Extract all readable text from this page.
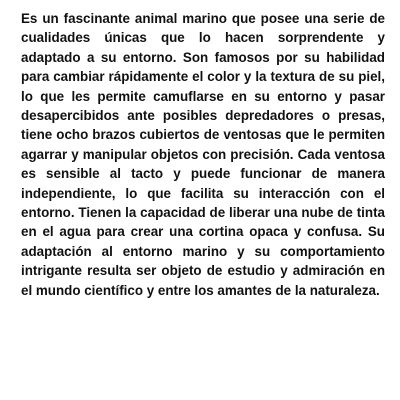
Es un fascinante animal marino que posee una serie de cualidades únicas que lo hacen sorprendente y adaptado a su entorno. Son famosos por su habilidad para cambiar rápidamente el color y la textura de su piel, lo que les permite camuflarse en su entorno y pasar desapercibidos ante posibles depredadores o presas, tiene ocho brazos cubiertos de ventosas que le permiten agarrar y manipular objetos con precisión. Cada ventosa es sensible al tacto y puede funcionar de manera independiente, lo que facilita su interacción con el entorno. Tienen la capacidad de liberar una nube de tinta en el agua para crear una cortina opaca y confusa. Su adaptación al entorno marino y su comportamiento intrigante resulta ser objeto de estudio y admiración en el mundo científico y entre los amantes de la naturaleza.
